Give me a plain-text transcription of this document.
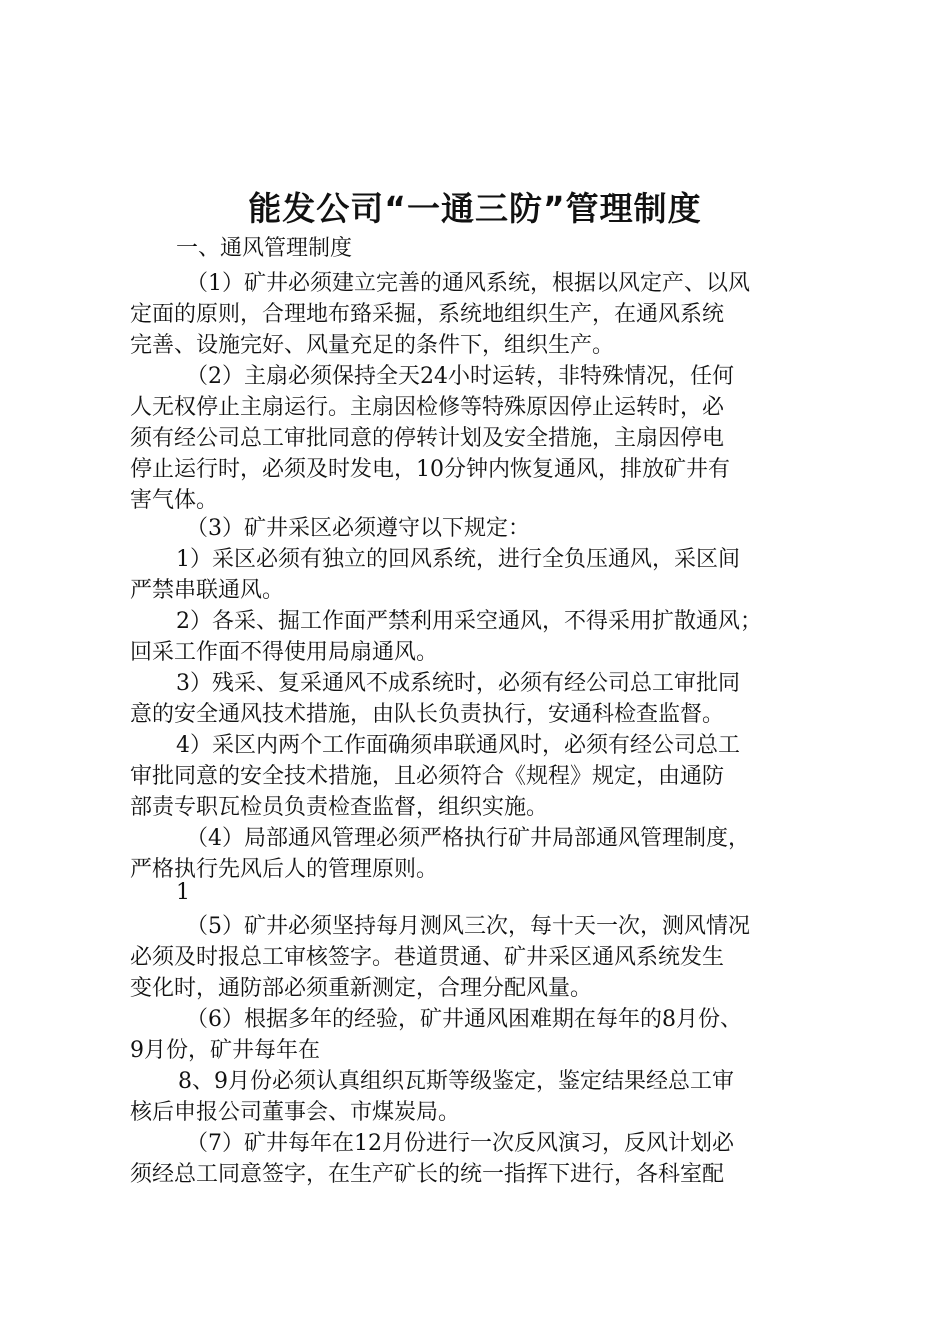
能发公司“一通三防”管理制度

一、通风管理制度

（1）矿井必须建立完善的通风系统，根据以风定产、以风

定面的原则，合理地布臵采掘，系统地组织生产，在通风系统

完善、设施完好、风量充足的条件下，组织生产。

（2）主扇必须保持全天24小时运转，非特殊情况，任何

人无权停止主扇运行。主扇因检修等特殊原因停止运转时，必

须有经公司总工审批同意的停转计划及安全措施，主扇因停电

停止运行时，必须及时发电，10分钟内恢复通风，排放矿井有

害气体。

（3）矿井采区必须遵守以下规定：

1）采区必须有独立的回风系统，进行全负压通风，采区间

严禁串联通风。

2）各采、掘工作面严禁利用采空通风，不得采用扩散通风；

回采工作面不得使用局扇通风。

3）残采、复采通风不成系统时，必须有经公司总工审批同

意的安全通风技术措施，由队长负责执行，安通科检查监督。

4）采区内两个工作面确须串联通风时，必须有经公司总工

审批同意的安全技术措施，且必须符合《规程》规定，由通防

部责专职瓦检员负责检查监督，组织实施。

（4）局部通风管理必须严格执行矿井局部通风管理制度，

严格执行先风后人的管理原则。

1

（5）矿井必须坚持每月测风三次，每十天一次，测风情况

必须及时报总工审核签字。巷道贯通、矿井采区通风系统发生

变化时，通防部必须重新测定，合理分配风量。

（6）根据多年的经验，矿井通风困难期在每年的8月份、

9月份，矿井每年在

8、9月份必须认真组织瓦斯等级鉴定，鉴定结果经总工审

核后申报公司董事会、市煤炭局。

（7）矿井每年在12月份进行一次反风演习，反风计划必

须经总工同意签字，在生产矿长的统一指挥下进行，各科室配
